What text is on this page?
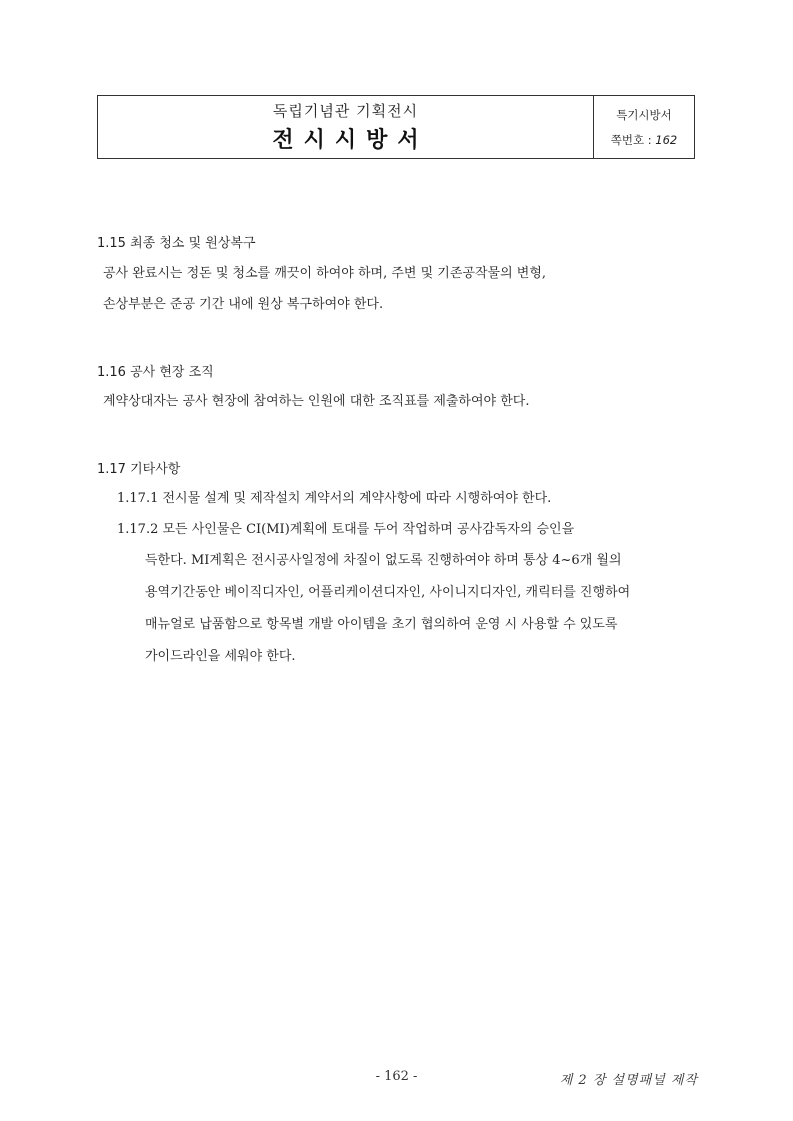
독립기념관 기획전시
전시시방서
특기시방서
쪽번호 : 162
1.15 최종 청소 및 원상복구

공사 완료시는 정돈 및 청소를 깨끗이 하여야 하며, 주변 및 기존공작물의 변형,

손상부분은 준공 기간 내에 원상 복구하여야 한다.

1.16 공사 현장 조직

계약상대자는 공사 현장에 참여하는 인원에 대한 조직표를 제출하여야 한다.

1.17 기타사항

1.17.1 전시물 설계 및 제작설치 계약서의 계약사항에 따라 시행하여야 한다.

1.17.2 모든 사인물은 CI(MI)계획에 토대를 두어 작업하며 공사감독자의 승인을

득한다. MI계획은 전시공사일정에 차질이 없도록 진행하여야 하며 통상 4~6개 월의

용역기간동안 베이직디자인, 어플리케이션디자인, 사이니지디자인, 캐릭터를 진행하여

매뉴얼로 납품함으로 항목별 개발 아이템을 초기 협의하여 운영 시 사용할 수 있도록

가이드라인을 세워야 한다.

- 162 -	제 2 장 설명패널 제작
